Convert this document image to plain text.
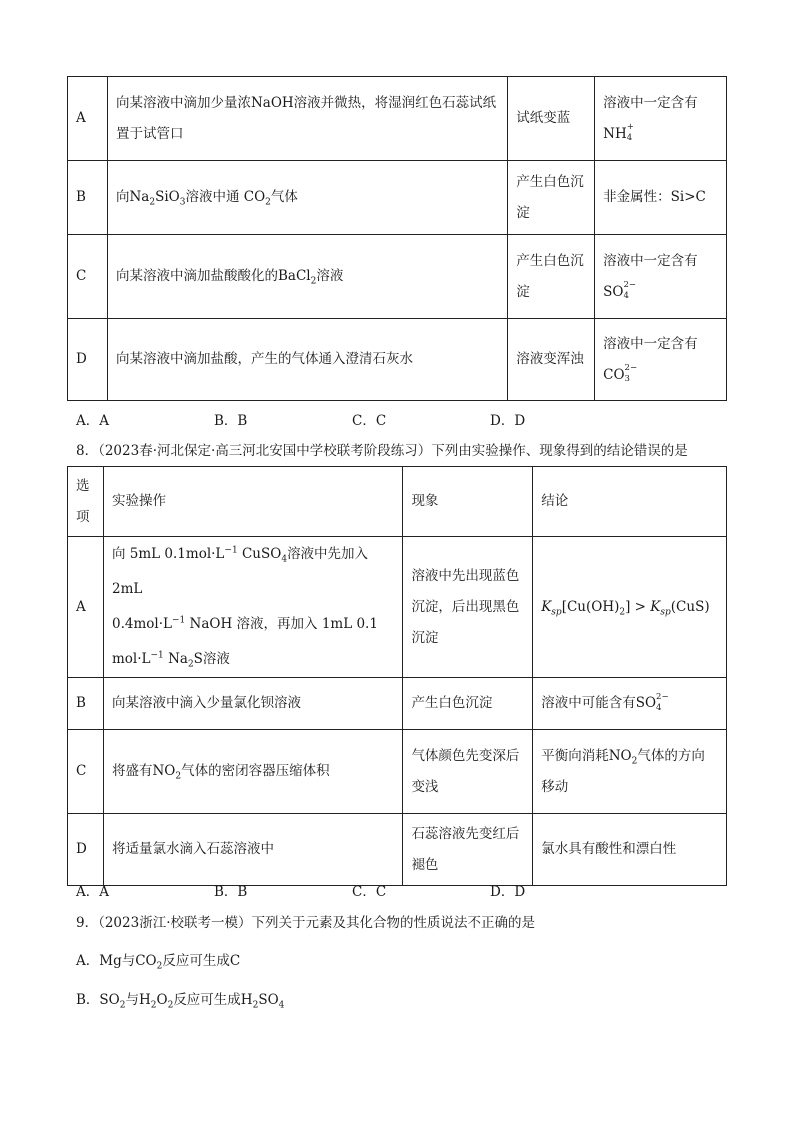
A	向某溶液中滴加少量浓NaOH溶液并微热，将湿润红色石蕊试纸置于试管口	试纸变蓝	溶液中一定含有
NH +
4

B	向$Na_2SiO_3$溶液中通 $CO_2$气体	产生白色沉淀	非金属性：Si>C
C	向某溶液中滴加盐酸酸化的BaCl$_2$溶液	产生白色沉淀	溶液中一定含有
SO 2−
4

D	向某溶液中滴加盐酸，产生的气体通入澄清石灰水	溶液变浑浊	溶液中一定含有
CO 2−
3
A．A	B．B	C．C	D．D
8．（2023春·河北保定·高三河北安国中学校联考阶段练习）下列由实验操作、现象得到的结论错误的是
选
项	实验操作	现象	结论
A	向 5mL $0.1mol\cdot L^{-1}$ CuSO$_4$溶液中先加入 2mL
$0.4mol\cdot L^{-1}$ NaOH 溶液，再加入 1mL 0.1
$mol\cdot L^{-1}$ $Na_2S$溶液	溶液中先出现蓝色沉淀，后出现黑色沉淀	$K_{sp}[Cu(OH)_2] > K_{sp}(CuS)$
B	向某溶液中滴入少量氯化钡溶液	产生白色沉淀	溶液中可能含有SO 2−
4

C	将盛有$NO_2$气体的密闭容器压缩体积	气体颜色先变深后变浅	平衡向消耗$NO_2$气体的方向移动
D	将适量氯水滴入石蕊溶液中	石蕊溶液先变红后褪色	氯水具有酸性和漂白性
A．A	B．B	C．C	D．D
9．（2023浙江·校联考一模）下列关于元素及其化合物的性质说法不正确的是
A．Mg与$CO_2$反应可生成C
B．$SO_2$与$H_2O_2$反应可生成$H_2SO_4$
